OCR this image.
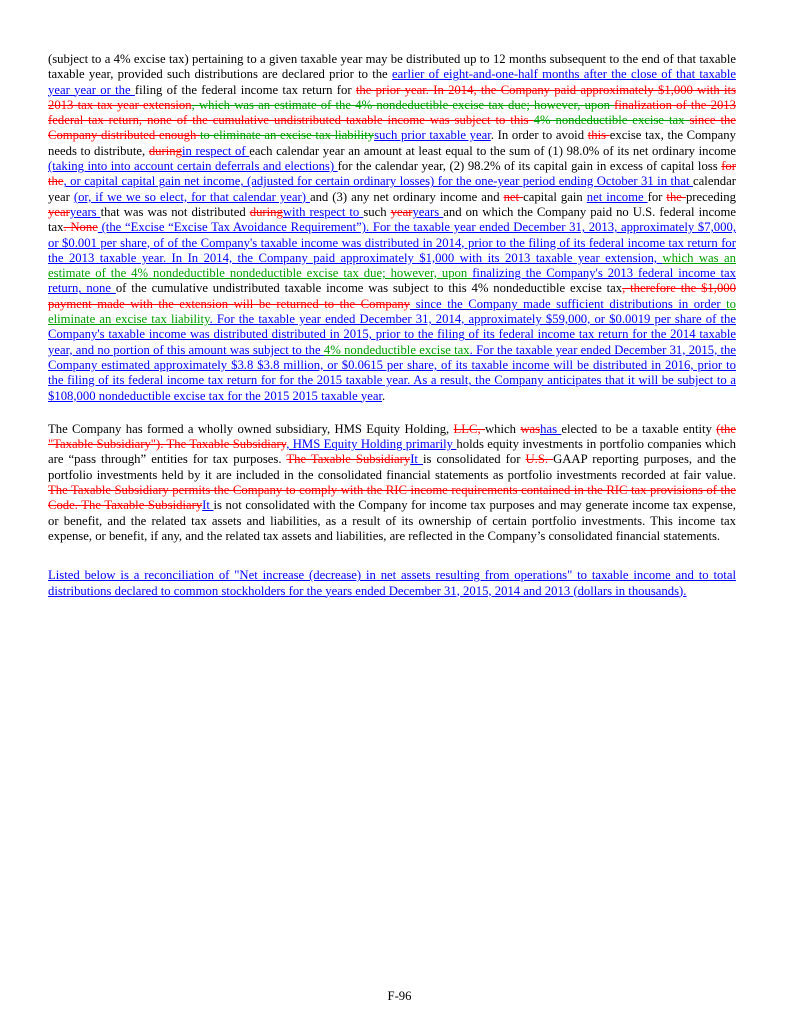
(subject to a 4% excise tax) pertaining to a given taxable year may be distributed up to 12 months subsequent to the end of that taxable taxable year, provided such distributions are declared prior to the earlier of eight-and-one-half months after the close of that taxable year year or the filing of the federal income tax return for the prior year. In 2014, the Company paid approximately $1,000 with its 2013 tax tax year extension, which was an estimate of the 4% nondeductible excise tax due; however, upon finalization of the 2013 federal tax return, none of the cumulative undistributed taxable income was subject to this 4% nondeductible excise tax since the Company distributed enough to eliminate an excise tax liabilitysuch prior taxable year. In order to avoid this excise tax, the Company needs to distribute, duringin respect of each calendar year an amount at least equal to the sum of (1) 98.0% of its net ordinary income (taking into into account certain deferrals and elections) for the calendar year, (2) 98.2% of its capital gain in excess of capital loss for the, or capital capital gain net income, (adjusted for certain ordinary losses) for the one-year period ending October 31 in that calendar year (or, if we we so elect, for that calendar year) and (3) any net ordinary income and net capital gain net income for the preceding yearyears that was was not distributed duringwith respect to such yearyears and on which the Company paid no U.S. federal income tax. None (the “Excise “Excise Tax Avoidance Requirement”). For the taxable year ended December 31, 2013, approximately $7,000, or $0.001 per share, of of the Company's taxable income was distributed in 2014, prior to the filing of its federal income tax return for the 2013 taxable year. In In 2014, the Company paid approximately $1,000 with its 2013 taxable year extension, which was an estimate of the 4% nondeductible nondeductible excise tax due; however, upon finalizing the Company's 2013 federal income tax return, none of the cumulative undistributed taxable income was subject to this 4% nondeductible excise tax, therefore the $1,000 payment made with the extension will be returned to the Company since the Company made sufficient distributions in order to eliminate an excise tax liability. For the taxable year ended December 31, 2014, approximately $59,000, or $0.0019 per share of the Company's taxable income was distributed distributed in 2015, prior to the filing of its federal income tax return for the 2014 taxable year, and no portion of this amount was subject to the 4% nondeductible excise tax. For the taxable year ended December 31, 2015, the Company estimated approximately $3.8 $3.8 million, or $0.0615 per share, of its taxable income will be distributed in 2016, prior to the filing of its federal income tax return for for the 2015 taxable year. As a result, the Company anticipates that it will be subject to a $108,000 nondeductible excise tax for the 2015 2015 taxable year.

The Company has formed a wholly owned subsidiary, HMS Equity Holding, LLC, which washas elected to be a taxable entity (the "Taxable Subsidiary"). The Taxable Subsidiary, HMS Equity Holding primarily holds equity investments in portfolio companies which are “pass through” entities for tax purposes. The Taxable SubsidiaryIt is consolidated for U.S. GAAP reporting purposes, and the portfolio investments held by it are included in the consolidated financial statements as portfolio investments recorded at fair value. The Taxable Subsidiary permits the Company to comply with the RIC income requirements contained in the RIC tax provisions of the Code. The Taxable SubsidiaryIt is not consolidated with the Company for income tax purposes and may generate income tax expense, or benefit, and the related tax assets and liabilities, as a result of its ownership of certain portfolio investments. This income tax expense, or benefit, if any, and the related tax assets and liabilities, are reflected in the Company’s consolidated financial statements.

Listed below is a reconciliation of "Net increase (decrease) in net assets resulting from operations" to taxable income and to total distributions declared to common stockholders for the years ended December 31, 2015, 2014 and 2013 (dollars in thousands).

F-96
